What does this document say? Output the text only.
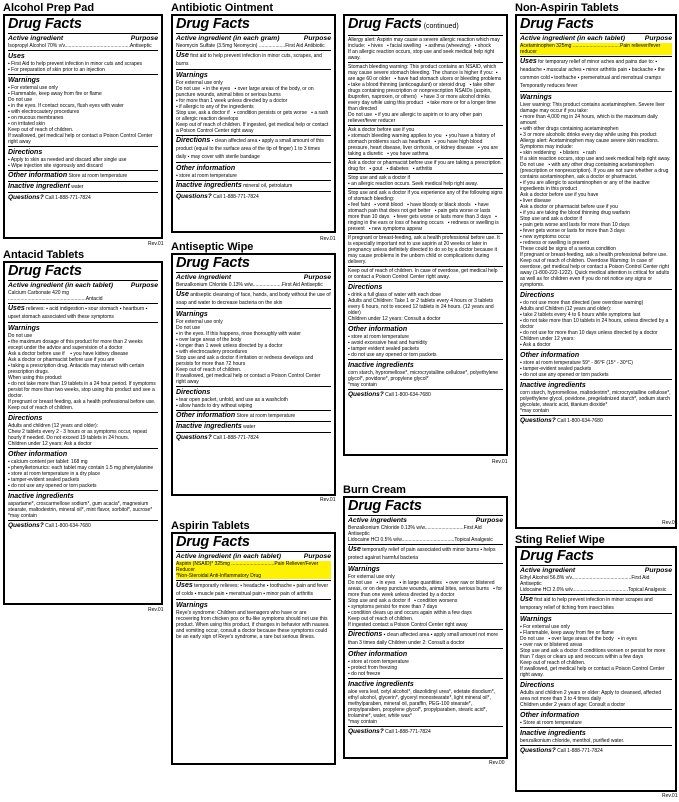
Alcohol Prep Pad
Drug Facts
Active ingredient	Purpose
Isopropyl Alcohol 70% v/v...............................................Antiseptic
Uses
▪ First Aid to help prevent infection in minor cuts and scrapes
▪ For preparation of skin prior to an injection
Warnings
▪ For external use only
▪ Flammable, keep away from fire or flame
Do not use
▪ in the eyes. If contact occurs, flush eyes with water
▪ with electrocautery procedures
▪ on mucous membranes
▪ on irritated skin
Keep out of reach of children.
If swallowed, get medical help or contact a Poison Control Center right away
Directions
▪ Apply to skin as needed and discard after single use
▪ Wipe injection site vigorously and discard
Other information Store at room temperature
Inactive ingredient water
Questions? Call 1-888-771-7824
Rev.01
Antacid Tablets
Drug Facts
Active ingredient (in each tablet)	Purpose
Calcium Carbonate 420 mg ........................................................Antacid
Uses relieves: ▪ acid indigestion ▪ sour stomach ▪ heartburn ▪ upset stomach associated with these symptoms
Warnings
Do not use
▪ the maximum dosage of this product for more than 2 weeks except under the advice and supervision of a doctor
Ask a doctor before use if    ▪ you have kidney disease
Ask a doctor or pharmacist before use if you are
▪ taking a prescription drug. Antacids may interact with certain prescription drugs.
When using this product
▪ do not take more than 19 tablets in a 24 hour period. If symptoms persist for more than two weeks, stop using this product and see a doctor.
If pregnant or breast feeding, ask a health professional before use.
Keep out of reach of children.
Directions
Adults and children (12 years and older):
Chew 2 tablets every 2 - 3 hours or as symptoms occur, repeat hourly if needed. Do not exceed 19 tablets in 24 hours.
Children under 12 years: Ask a doctor
Other information
▪ calcium content per tablet: 168 mg
▪ phenylketonurics: each tablet may contain 1.5 mg phenylalanine
▪ store at room temperature in a dry place
▪ tamper-evident sealed packets
▪ do not use any opened or torn packets
Inactive ingredients
aspartame*, croscarmellose sodium*, gum acacia*, magnesium stearate, maltodextrin, mineral oil*, mint flavor, sorbitol*, sucrose*
*may contain
Questions? Call 1-800-634-7680
Rev.01
Antibiotic Ointment
Drug Facts
Active ingredient (in each gram)	Purpose
Neomycin Sulfate (3.5mg Neomycin) ...................First Aid Antibiotic
Use first aid to help prevent infection in minor cuts, scrapes, and burns
Warnings
For external use only
Do not use  ▪ in the eyes   ▪ over large areas of the body, or on puncture wounds, animal bites or serious burns
▪ for more than 1 week unless directed by a doctor
▪ if allergic to any of the ingredients
Stop use, ask a doctor if   ▪ condition persists or gets worse   ▪ a rash or allergic reaction develops
Keep out of reach of children. If ingested, get medical help or contact a Poison Control Center right away
Directions ▪ clean affected area ▪ apply a small amount of this product (equal to the surface area of the tip of finger) 1 to 3 times daily ▪ may cover with sterile bandage
Other information
▪ store at room temperature
Inactive ingredients mineral oil, petrolatum
Questions? Call 1-888-771-7824
Rev.01
Antiseptic Wipe
Drug Facts
Active ingredient	Purpose
Benzalkonium Chloride 0.13% w/w.....................First Aid Antiseptic
Use antiseptic cleansing of face, hands, and body without the use of soap and water to decrease bacteria on the skin
Warnings
For external use only
Do not use
▪ in the eyes. If this happens, rinse thoroughly with water
▪ over large areas of the body
▪ longer than 1 week unless directed by a doctor
▪ with electrocautery procedures
Stop use and ask a doctor if irritation or redness develops and persists for more than 72 hours
Keep out of reach of children.
If swallowed, get medical help or contact a Poison Control Center right away
Directions
▪ tear open packet, unfold, and use as a washcloth
▪ allow hands to dry without wiping
Other information Store at room temperature
Inactive ingredients water
Questions? Call 1-888-771-7824
Rev.01
Aspirin Tablets
Drug Facts
Active ingredient (in each tablet)	Purpose
Aspirin (NSAID)* 325mg ...............................Pain Reliever/Fever Reducer
*Non-Steroidal Anti-Inflammatory Drug
Uses temporarily relieves: ▪ headache ▪ toothache ▪ pain and fever of colds ▪ muscle pain ▪ menstrual pain ▪ minor pain of arthritis
Warnings
Reye's syndrome: Children and teenagers who have or are recovering from chicken pox or flu-like symptoms should not use this product. When using this product, if changes in behavior with nausea and vomiting occur, consult a doctor because these symptoms could be an early sign of Reye's syndrome, a rare but serious illness.
Drug Facts (continued)
Allergy alert: Aspirin may cause a severe allergic reaction which may include:  ▪ hives   ▪ facial swelling   ▪ asthma (wheezing)   ▪ shock
If an allergic reaction occurs, stop use and seek medical help right away.
Stomach bleeding warning: This product contains an NSAID, which may cause severe stomach bleeding. The chance is higher if you:  ▪ are age 60 or older   ▪ have had stomach ulcers or bleeding problems   ▪ take a blood thinning (anticoagulant) or steroid drug   ▪ take other drugs containing prescription or nonprescription NSAIDs (aspirin, ibuprofen, naproxen, or others)   ▪ have 3 or more alcohol drinks every day while using this product   ▪ take more or for a longer time than directed
Do not use  ▪ if you are allergic to aspirin or to any other pain reliever/fever reducer
Ask a doctor before use if you
▪ stomach bleeding warning applies to you   ▪ you have a history of stomach problems such as heartburn   ▪ you have high blood pressure, heart disease, liver cirrhosis, or kidney disease   ▪ you are taking a diuretic   ▪ you have asthma
Ask a doctor or pharmacist before use if you are taking a prescription drug for   ▪ gout   ▪ diabetes   ▪ arthritis
Stop use and ask a doctor if
▪ an allergic reaction occurs. Seek medical help right away.
Stop use and ask a doctor if you experience any of the following signs of stomach bleeding:
▪ feel faint   ▪ vomit blood   ▪ have bloody or black stools   ▪ have stomach pain that does not get better   ▪ pain gets worse or lasts more than 10 days   ▪ fever gets worse or lasts more than 3 days   ▪ ringing in the ears or loss of hearing occurs   ▪ redness or swelling is present   ▪ new symptoms appear
If pregnant or breast-feeding, ask a health professional before use. It is especially important not to use aspirin at 20 weeks or later in pregnancy unless definitely directed to do so by a doctor because it may cause problems in the unborn child or complications during delivery.
Keep out of reach of children. In case of overdose, get medical help or contact a Poison Control Center right away.
Directions
▪ drink a full glass of water with each dose
Adults and Children: Take 1 or 2 tablets every 4 hours or 3 tablets every 6 hours, not to exceed 12 tablets in 24 hours. (12 years and older)
Children under 12 years: Consult a doctor
Other information
▪ store at room temperature
▪ avoid excessive heat and humidity
▪ tamper evident sealed packets
▪ do not use any opened or torn packets
Inactive ingredients
corn starch, hypromellose*, microcrystalline cellulose*, polyethylene glycol*, povidone*, propylene glycol*
*may contain
Questions? Call 1-800-634-7680
Rev.01
Burn Cream
Drug Facts
Active ingredients	Purpose
Benzalkonium Chloride 0.13% w/w............................First Aid Antiseptic
Lidocaine HCl 0.5% w/w......................................Topical Analgesic
Use temporarily relief of pain associated with minor burns ▪ helps protect against harmful bacteria
Warnings
For external use only
Do not use   ▪ in eyes   ▪ in large quantities   ▪ over raw or blistered areas, or on deep puncture wounds, animal bites, serious burns   ▪ for more than one week unless directed by a doctor
Stop use and ask a doctor if   ▪ condition worsens
▪ symptoms persist for more than 7 days
▪ condition clears up and occurs again within a few days
Keep out of reach of children.
If ingested contact a Poison Control Center right away
Directions ▪ clean affected area ▪ apply small amount not more than 3 times daily Children under 2: Consult a doctor
Other information
▪ store at room temperature
▪ protect from freezing
▪ do not freeze
Inactive ingredients
aloe vera leaf, cetyl alcohol*, diazolidinyl urea*, edetate disodium*, ethyl alcohol, glycerin*, glyceryl monostearate*, light mineral oil*, methylparaben, mineral oil, paraffin, PEG-100 stearate*, propylparaben, propylene glycol*, propylparaben, stearic acid*, trolamine*, water, white wax*
*may contain
Questions? Call 1-888-771-7824
Rev.00
Non-Aspirin Tablets
Drug Facts
Active ingredient (in each tablet)	Purpose
Acetaminophen 325mg ..................................Pain reliever/fever reducer
Uses for temporary relief of minor aches and pains due to: ▪ headache ▪ muscular aches ▪ minor arthritis pain ▪ backache ▪ the common cold ▪ toothache ▪ premenstrual and menstrual cramps Temporarily reduces fever
Warnings
Liver warning: This product contains acetaminophen. Severe liver damage may occur if you take:
▪ more than 4,000 mg in 24 hours, which is the maximum daily amount
▪ with other drugs containing acetaminophen
▪ 3 or more alcoholic drinks every day while using this product
Allergy alert: Acetaminophen may cause severe skin reactions. Symptoms may include:
▪ skin reddening   ▪ blisters   ▪ rash
If a skin reaction occurs, stop use and seek medical help right away.
Do not use   ▪ with any other drug containing acetaminophen (prescription or nonprescription). If you are not sure whether a drug contains acetaminophen, ask a doctor or pharmacist.
▪ if you are allergic to acetaminophen or any of the inactive ingredients in this product
Ask a doctor before use if you have
▪ liver disease
Ask a doctor or pharmacist before use if you
▪ if you are taking the blood thinning drug warfarin
Stop use and ask a doctor if
▪ pain gets worse and lasts for more than 10 days
▪ fever gets worse or lasts for more than 3 days
▪ new symptoms occur
▪ redness or swelling is present
These could be signs of a serious condition
If pregnant or breast-feeding, ask a health professional before use.
Keep out of reach of children. Overdose Warning: In case of overdose, get medical help or contact a Poison Control Center right away (1-800-222-1222). Quick medical attention is critical for adults as well as for children even if you do not notice any signs or symptoms.
Directions
▪ do not use more than directed (see overdose warning)
Adults and Children (12 years and older):
▪ take 2 tablets every 4 to 6 hours while symptoms last
▪ do not take more than 10 tablets in 24 hours, unless directed by a doctor
▪ do not use for more than 10 days unless directed by a doctor
Children under 12 years:
▪ Ask a doctor
Other information
▪ store at room temperature 59° - 86°F (15° - 30°C)
▪ tamper-evident sealed packets
▪ do not use any opened or torn packets
Inactive ingredients
corn starch, hypromellose, maltodextrin*, microcrystalline cellulose*, polyethylene glycol, povidone, pregelatinized starch*, sodium starch glycolate, stearic acid, titanium dioxide*
*may contain
Questions? Call 1-800-634-7680
Rev.01
Sting Relief Wipe
Drug Facts
Active ingredient	Purpose
Ethyl Alcohol 56.8% v/v...........................................First Aid Antiseptic
Lidocaine HCl 2.0% w/v........................................Topical Analgesic
Use first aid to help prevent infection in minor scrapes and temporary relief of itching from insect bites
Warnings
▪ For external use only
▪ Flammable, keep away from fire or flame
Do not use   ▪ over large areas of the body   ▪ in eyes
▪ over raw or blistered areas
Stop use and ask a doctor if conditions worsen or persist for more than 7 days or clears up and reoccurs within a few days
Keep out of reach of children.
If swallowed, get medical help or contact a Poison Control Center right away.
Directions
Adults and children 2 years or older: Apply to cleansed, affected area not more than 3 to 4 times daily
Children under 2 years of age: Consult a doctor
Other information
▪ Store at room temperature
Inactive ingredients
benzalkonium chloride, menthol, purified water.
Questions? Call 1-888-771-7824
Rev.01
